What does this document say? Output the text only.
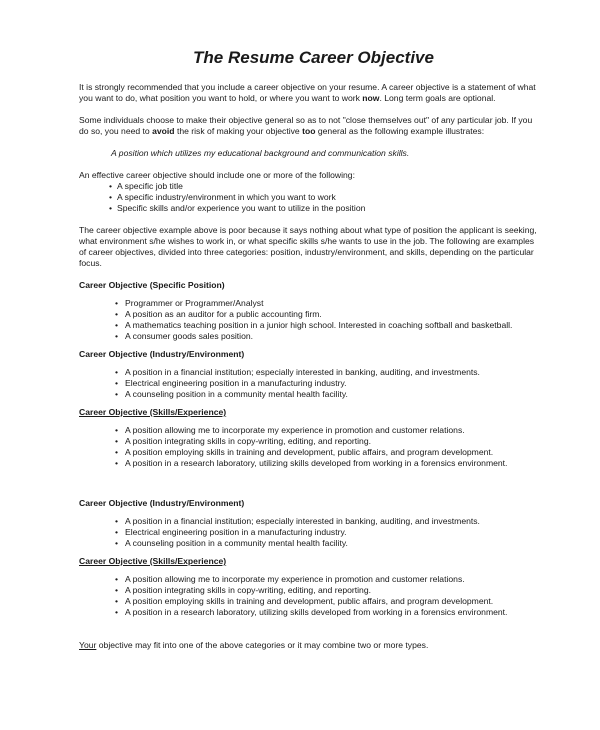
The Resume Career Objective

It is strongly recommended that you include a career objective on your resume. A career objective is a statement of what you want to do, what position you want to hold, or where you want to work now. Long term goals are optional.

Some individuals choose to make their objective general so as to not "close themselves out" of any particular job. If you do so, you need to avoid the risk of making your objective too general as the following example illustrates:

A position which utilizes my educational background and communication skills.

An effective career objective should include one or more of the following:

• A specific job title
• A specific industry/environment in which you want to work
• Specific skills and/or experience you want to utilize in the position

The career objective example above is poor because it says nothing about what type of position the applicant is seeking, what environment s/he wishes to work in, or what specific skills s/he wants to use in the job. The following are examples of career objectives, divided into three categories: position, industry/environment, and skills, depending on the particular focus.

Career Objective (Specific Position)

• Programmer or Programmer/Analyst
• A position as an auditor for a public accounting firm.
• A mathematics teaching position in a junior high school. Interested in coaching softball and basketball.
• A consumer goods sales position.

Career Objective (Industry/Environment)

• A position in a financial institution; especially interested in banking, auditing, and investments.
• Electrical engineering position in a manufacturing industry.
• A counseling position in a community mental health facility.

Career Objective (Skills/Experience)

• A position allowing me to incorporate my experience in promotion and customer relations.
• A position integrating skills in copy-writing, editing, and reporting.
• A position employing skills in training and development, public affairs, and program development.
• A position in a research laboratory, utilizing skills developed from working in a forensics environment.

Career Objective (Industry/Environment)

• A position in a financial institution; especially interested in banking, auditing, and investments.
• Electrical engineering position in a manufacturing industry.
• A counseling position in a community mental health facility.

Career Objective (Skills/Experience)

• A position allowing me to incorporate my experience in promotion and customer relations.
• A position integrating skills in copy-writing, editing, and reporting.
• A position employing skills in training and development, public affairs, and program development.
• A position in a research laboratory, utilizing skills developed from working in a forensics environment.

Your objective may fit into one of the above categories or it may combine two or more types.
